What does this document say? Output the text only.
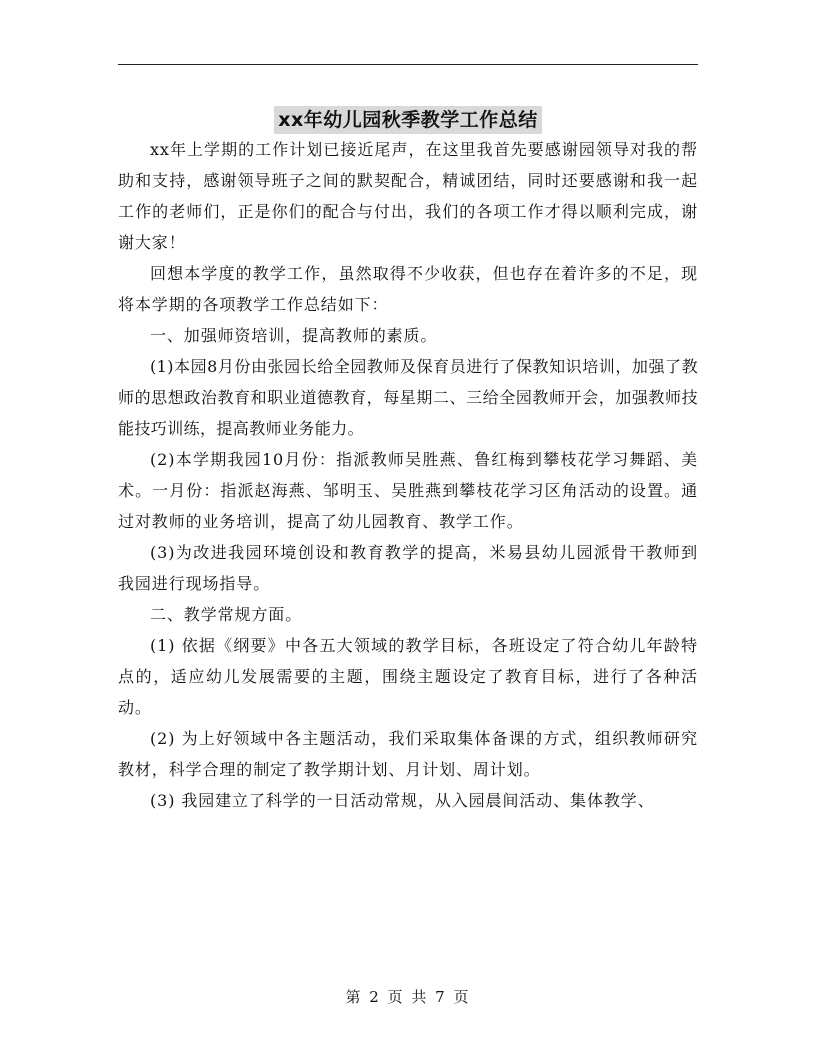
xx年幼儿园秋季教学工作总结

xx年上学期的工作计划已接近尾声，在这里我首先要感谢园领导对我的帮助和支持，感谢领导班子之间的默契配合，精诚团结，同时还要感谢和我一起工作的老师们，正是你们的配合与付出，我们的各项工作才得以顺利完成，谢谢大家！

回想本学度的教学工作，虽然取得不少收获，但也存在着许多的不足，现将本学期的各项教学工作总结如下：

一、加强师资培训，提高教师的素质。

(1)本园8月份由张园长给全园教师及保育员进行了保教知识培训，加强了教师的思想政治教育和职业道德教育，每星期二、三给全园教师开会，加强教师技能技巧训练，提高教师业务能力。

(2)本学期我园10月份：指派教师吴胜燕、鲁红梅到攀枝花学习舞蹈、美术。一月份：指派赵海燕、邹明玉、吴胜燕到攀枝花学习区角活动的设置。通过对教师的业务培训，提高了幼儿园教育、教学工作。

(3)为改进我园环境创设和教育教学的提高，米易县幼儿园派骨干教师到我园进行现场指导。

二、教学常规方面。

(1) 依据《纲要》中各五大领域的教学目标，各班设定了符合幼儿年龄特点的，适应幼儿发展需要的主题，围绕主题设定了教育目标，进行了各种活动。

(2) 为上好领域中各主题活动，我们采取集体备课的方式，组织教师研究教材，科学合理的制定了教学期计划、月计划、周计划。

(3) 我园建立了科学的一日活动常规，从入园晨间活动、集体教学、

第 2 页 共 7 页
